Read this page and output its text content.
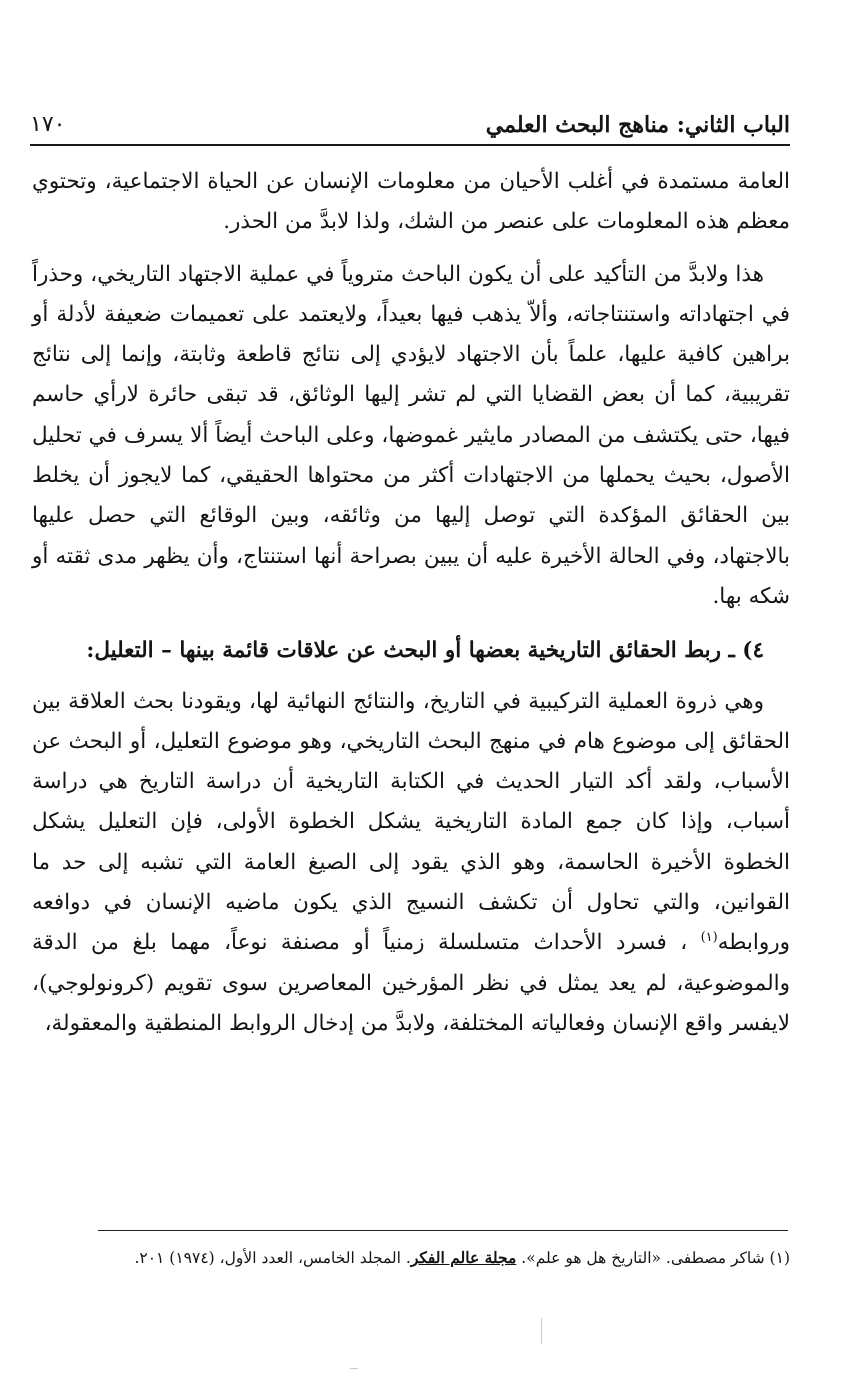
الباب الثاني: مناهج البحث العلمي
١٧٠

العامة مستمدة في أغلب الأحيان من معلومات الإنسان عن الحياة الاجتماعية، وتحتوي معظم هذه المعلومات على عنصر من الشك، ولذا لابدَّ من الحذر.

هذا ولابدَّ من التأكيد على أن يكون الباحث متروياً في عملية الاجتهاد التاريخي، وحذراً في اجتهاداته واستنتاجاته، وألاّ يذهب فيها بعيداً، ولايعتمد على تعميمات ضعيفة لأدلة أو براهين كافية عليها، علماً بأن الاجتهاد لايؤدي إلى نتائج قاطعة وثابتة، وإنما إلى نتائج تقريبية، كما أن بعض القضايا التي لم تشر إليها الوثائق، قد تبقى حائرة لارأي حاسم فيها، حتى يكتشف من المصادر مايثير غموضها، وعلى الباحث أيضاً ألا يسرف في تحليل الأصول، بحيث يحملها من الاجتهادات أكثر من محتواها الحقيقي، كما لايجوز أن يخلط بين الحقائق المؤكدة التي توصل إليها من وثائقه، وبين الوقائع التي حصل عليها بالاجتهاد، وفي الحالة الأخيرة عليه أن يبين بصراحة أنها استنتاج، وأن يظهر مدى ثقته أو شكه بها.

٤) ـ ربط الحقائق التاريخية بعضها أو البحث عن علاقات قائمة بينها – التعليل:

وهي ذروة العملية التركيبية في التاريخ، والنتائج النهائية لها، ويقودنا بحث العلاقة بين الحقائق إلى موضوع هام في منهج البحث التاريخي، وهو موضوع التعليل، أو البحث عن الأسباب، ولقد أكد التيار الحديث في الكتابة التاريخية أن دراسة التاريخ هي دراسة أسباب، وإذا كان جمع المادة التاريخية يشكل الخطوة الأولى، فإن التعليل يشكل الخطوة الأخيرة الحاسمة، وهو الذي يقود إلى الصيغ العامة التي تشبه إلى حد ما القوانين، والتي تحاول أن تكشف النسيج الذي يكون ماضيه الإنسان في دوافعه وروابطه$^{(١)}$ ، فسرد الأحداث متسلسلة زمنياً أو مصنفة نوعاً، مهما بلغ من الدقة والموضوعية، لم يعد يمثل في نظر المؤرخين المعاصرين سوى تقويم (كرونولوجي)، لايفسر واقع الإنسان وفعالياته المختلفة، ولابدَّ من إدخال الروابط المنطقية والمعقولة،

(١) شاكر مصطفى. «التاريخ هل هو علم». مجلة عالم الفكر. المجلد الخامس، العدد الأول، (١٩٧٤) ٢٠١.
